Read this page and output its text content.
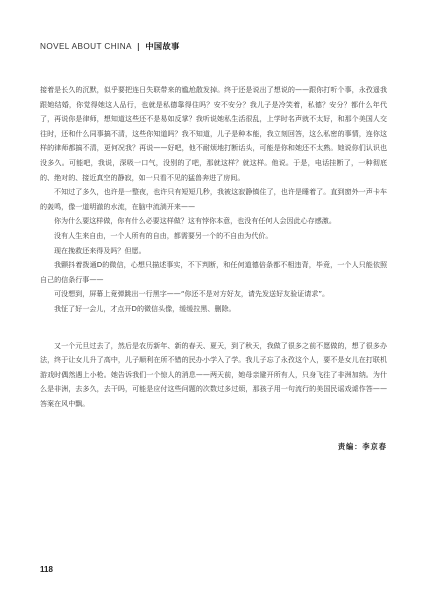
NOVEL ABOUT CHINA | 中国故事

接着是长久的沉默，似乎要把连日失联带来的尴尬散发掉。终于还是说出了想说的——跟你打听个事，永孜遥我跟她结婚，你觉得她这人品行，也就是私德靠得住吗？安不安分？我儿子是冷笑着，私德？安分？都什么年代了，再说你是律师，想知道这些还不是易如反掌？我听说她私生活很乱，上学时名声就不太好，和那个美国人交往时，还和什么同事搞不清，这些你知道吗？我不知道，儿子是种本能，我立刻回答，这么私密的事情，连你这样的律师都搞不清，更何况我？再说——好吧，他不耐烦地打断话头，可能是你和她还不太熟。她说你们认识也没多久。可能吧，我说，深吸一口气，没别的了吧，那就这样？就这样。他说。于是，电话挂断了，一种彻底的、绝对的、接近真空的静寂，如一只看不见的猛兽奔进了房间。

不知过了多久，也许是一整夜，也许只有短短几秒，我被这寂静镇住了，也许是睡着了。直到窗外一声卡车的轰鸣，像一道明澈的水流，在脑中流淌开来——

你为什么要这样做，你有什么必要这样做？这有悖你本意，也没有任何人会因此心存感激。

没有人生来自由，一个人所有的自由，都需要另一个的不自由为代价。

现在挽救还来得及吗？但愿。

我颤抖着拨通D的微信，心想只描述事实，不下判断，和任何道德倍条都不相违背，毕竟，一个人只能依照自己的信条行事——

可没想到，屏幕上竟弹跳出一行黑字——“你还不是对方好友，请先发送好友验证请求”。

我怔了好一会儿，才点开D的微信头像，缓缓拉黑、删除。

又一个元旦过去了，然后是农历新年、新的春天、夏天，到了秋天，我做了很多之前不愿做的，想了很多办法，终于让女儿升了高中，儿子顺利在所不错的民办小学入了学。我儿子忘了永孜这个人，要不是女儿在打联机游戏时偶然遇上小枪。她告诉我们一个惊人的消息——两天前，她母亲避开所有人，只身飞往了非洲加纳。为什么是非洲，去多久，去干吗，可能是应付这些问题的次数过多过烦，那孩子用一句流行的美国民谣戏谑作答——答案在风中飘。

责编：李京春
118
